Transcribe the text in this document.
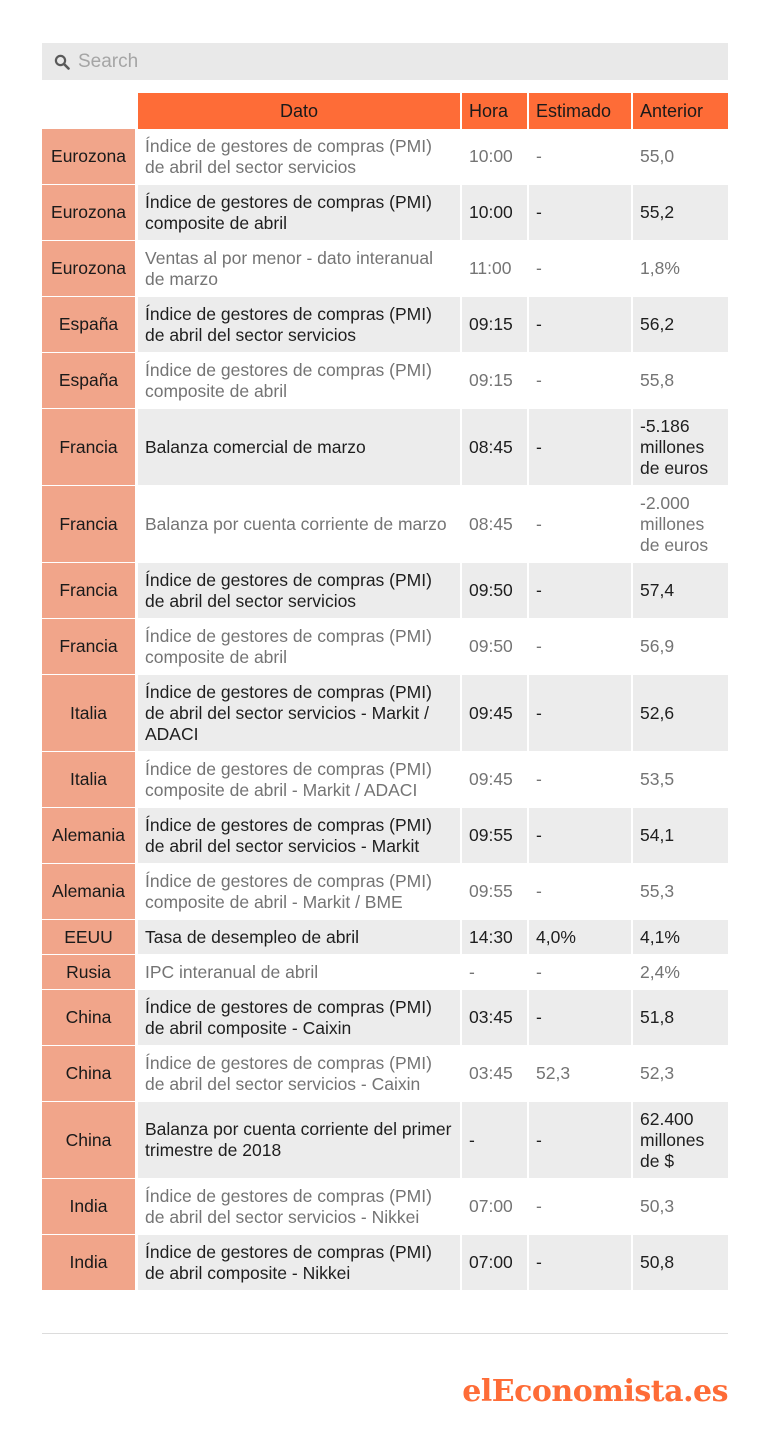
Search
	Dato	Hora	Estimado	Anterior
Eurozona	Índice de gestores de compras (PMI) de abril del sector servicios	10:00	-	55,0
Eurozona	Índice de gestores de compras (PMI) composite de abril	10:00	-	55,2
Eurozona	Ventas al por menor - dato interanual de marzo	11:00	-	1,8%
España	Índice de gestores de compras (PMI) de abril del sector servicios	09:15	-	56,2
España	Índice de gestores de compras (PMI) composite de abril	09:15	-	55,8
Francia	Balanza comercial de marzo	08:45	-	-5.186 millones de euros
Francia	Balanza por cuenta corriente de marzo	08:45	-	-2.000 millones de euros
Francia	Índice de gestores de compras (PMI) de abril del sector servicios	09:50	-	57,4
Francia	Índice de gestores de compras (PMI) composite de abril	09:50	-	56,9
Italia	Índice de gestores de compras (PMI) de abril del sector servicios - Markit / ADACI	09:45	-	52,6
Italia	Índice de gestores de compras (PMI) composite de abril - Markit / ADACI	09:45	-	53,5
Alemania	Índice de gestores de compras (PMI) de abril del sector servicios - Markit	09:55	-	54,1
Alemania	Índice de gestores de compras (PMI) composite de abril - Markit / BME	09:55	-	55,3
EEUU	Tasa de desempleo de abril	14:30	4,0%	4,1%
Rusia	IPC interanual de abril	-	-	2,4%
China	Índice de gestores de compras (PMI) de abril composite - Caixin	03:45	-	51,8
China	Índice de gestores de compras (PMI) de abril del sector servicios - Caixin	03:45	52,3	52,3
China	Balanza por cuenta corriente del primer trimestre de 2018	-	-	62.400 millones de $
India	Índice de gestores de compras (PMI) de abril del sector servicios - Nikkei	07:00	-	50,3
India	Índice de gestores de compras (PMI) de abril composite - Nikkei	07:00	-	50,8
elEconomista.es
